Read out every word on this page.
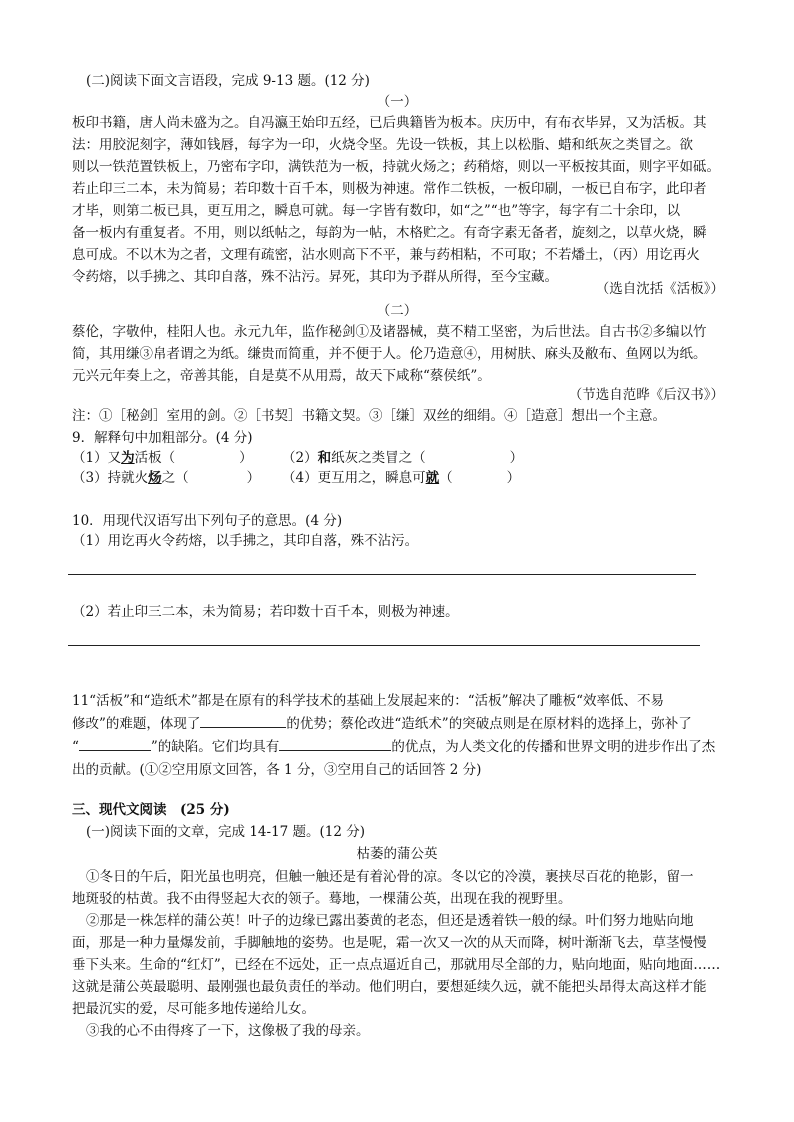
(二)阅读下面文言语段，完成 9-13 题。(12 分)
（一）
板印书籍，唐人尚未盛为之。自冯瀛王始印五经，已后典籍皆为板本。庆历中，有布衣毕昇，又为活板。其
法：用胶泥刻字，薄如钱唇，每字为一印，火烧令坚。先设一铁板，其上以松脂、蜡和纸灰之类冒之。欲
则以一铁范置铁板上，乃密布字印，满铁范为一板，持就火炀之；药稍熔，则以一平板按其面，则字平如砥。
若止印三二本，未为简易；若印数十百千本，则极为神速。常作二铁板，一板印刷，一板已自布字，此印者
才毕，则第二板已具，更互用之，瞬息可就。每一字皆有数印，如“之”“也”等字，每字有二十余印，以
备一板内有重复者。不用，则以纸帖之，每韵为一帖，木格贮之。有奇字素无备者，旋刻之，以草火烧，瞬
息可成。不以木为之者，文理有疏密，沾水则高下不平，兼与药相粘，不可取；不若燔土，（丙）用讫再火
令药熔，以手拂之、其印自落，殊不沾污。昇死，其印为予群从所得，至今宝藏。
（选自沈括《活板》）
（二）
蔡伦，字敬仲，桂阳人也。永元九年，监作秘剑①及诸器械，莫不精工坚密，为后世法。自古书②多编以竹
简，其用缣③帛者谓之为纸。缣贵而简重，并不便于人。伦乃造意④，用树肤、麻头及敝布、鱼网以为纸。
元兴元年奏上之，帝善其能，自是莫不从用焉，故天下咸称“蔡侯纸”。
（节选自范晔《后汉书》）
注：①［秘剑］室用的剑。②［书契］书籍文契。③［缣］双丝的细绢。④［造意］想出一个主意。
9．解释句中加粗部分。(4 分)
（1）又为活板（	） （2）和纸灰之类冒之（	）
（3）持就火炀之（	） （4）更互用之，瞬息可就（	）
10．用现代汉语写出下列句子的意思。(4 分)
（1）用讫再火令药熔，以手拂之，其印自落，殊不沾污。
（2）若止印三二本，未为简易；若印数十百千本，则极为神速。
11“活板”和“造纸术”都是在原有的科学技术的基础上发展起来的：“活板”解决了雕板“效率低、不易
修改”的难题，体现了	的优势；蔡伦改进“造纸术”的突破点则是在原材料的选择上，弥补了
“	”的缺陷。它们均具有	的优点，为人类文化的传播和世界文明的进步作出了杰
出的贡献。(①②空用原文回答，各 1 分，③空用自己的话回答 2 分)
三、现代文阅读　(25 分)
(一)阅读下面的文章，完成 14-17 题。(12 分)
枯萎的蒲公英
①冬日的午后，阳光虽也明亮，但触一触还是有着沁骨的凉。冬以它的冷漠，裹挟尽百花的艳影，留一
地斑驳的枯黄。我不由得竖起大衣的领子。蓦地，一棵蒲公英，出现在我的视野里。
②那是一株怎样的蒲公英！叶子的边缘已露出萎黄的老态，但还是透着铁一般的绿。叶们努力地贴向地
面，那是一种力量爆发前，手脚触地的姿势。也是呢，霜一次又一次的从天而降，树叶渐渐飞去，草茎慢慢
垂下头来。生命的“红灯”，已经在不远处，正一点点逼近自己，那就用尽全部的力，贴向地面，贴向地面……
这就是蒲公英最聪明、最刚强也最负责任的举动。他们明白，要想延续久远，就不能把头昂得太高这样才能
把最沉实的爱，尽可能多地传递给儿女。
③我的心不由得疼了一下，这像极了我的母亲。
